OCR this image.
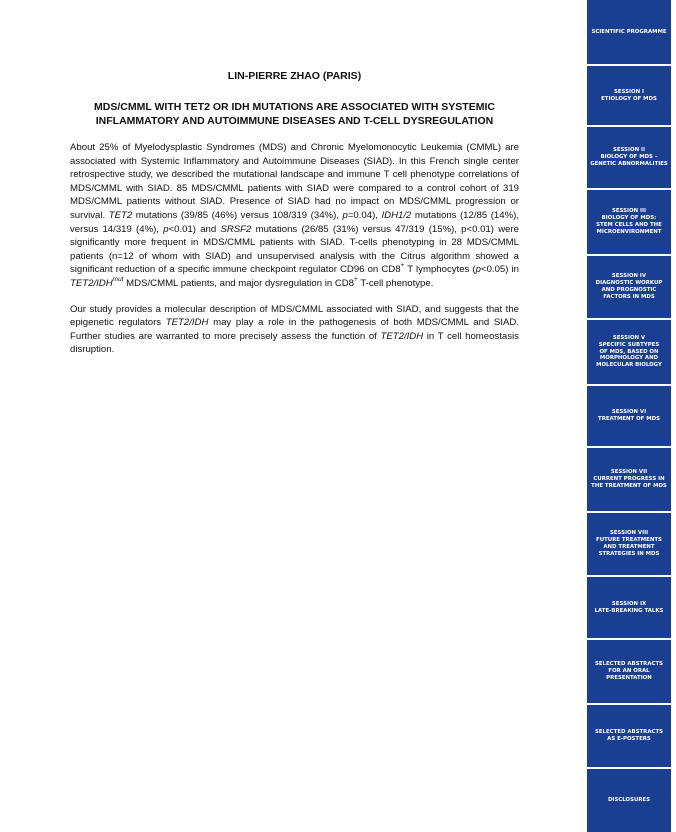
LIN-PIERRE ZHAO (PARIS)
MDS/CMML WITH TET2 OR IDH MUTATIONS ARE ASSOCIATED WITH SYSTEMIC
INFLAMMATORY AND AUTOIMMUNE DISEASES AND T-CELL DYSREGULATION

About 25% of Myelodysplastic Syndromes (MDS) and Chronic Myelomonocytic Leukemia (CMML) are associated with Systemic Inflammatory and Autoimmune Diseases (SIAD). In this French single center retrospective study, we described the mutational landscape and immune T cell phenotype correlations of MDS/CMML with SIAD. 85 MDS/CMML patients with SIAD were compared to a control cohort of 319 MDS/CMML patients without SIAD. Presence of SIAD had no impact on MDS/CMML progression or survival. TET2 mutations (39/85 (46%) versus 108/319 (34%), p=0.04), IDH1/2 mutations (12/85 (14%), versus 14/319 (4%), p<0.01) and SRSF2 mutations (26/85 (31%) versus 47/319 (15%), p<0.01) were significantly more frequent in MDS/CMML patients with SIAD. T-cells phenotyping in 28 MDS/CMML patients (n=12 of whom with SIAD) and unsupervised analysis with the Citrus algorithm showed a significant reduction of a specific immune checkpoint regulator CD96 on CD8+ T lymphocytes (p<0.05) in $TET2/IDH^{mut}$ MDS/CMML patients, and major dysregulation in CD8+ T-cell phenotype.

Our study provides a molecular description of MDS/CMML associated with SIAD, and suggests that the epigenetic regulators TET2/IDH may play a role in the pathogenesis of both MDS/CMML and SIAD. Further studies are warranted to more precisely assess the function of TET2/IDH in T cell homeostasis disruption.

SCIENTIFIC PROGRAMME
SESSION I
ETIOLOGY OF MDS
SESSION II
BIOLOGY OF MDS –
GENETIC ABNORMALITIES
SESSION III
BIOLOGY OF MDS:
STEM CELLS AND THE
MICROENVIRONMENT
SESSION IV
DIAGNOSTIC WORKUP
AND PROGNOSTIC
FACTORS IN MDS
SESSION V
SPECIFIC SUBTYPES
OF MDS, BASED ON
MORPHOLOGY AND
MOLECULAR BIOLOGY
SESSION VI
TREATMENT OF MDS
SESSION VII
CURRENT PROGRESS IN
THE TREATMENT OF MDS
SESSION VIII
FUTURE TREATMENTS
AND TREATMENT
STRATEGIES IN MDS
SESSION IX
LATE-BREAKING TALKS
SELECTED ABSTRACTS
FOR AN ORAL
PRESENTATION
SELECTED ABSTRACTS
AS E-POSTERS
DISCLOSURES
